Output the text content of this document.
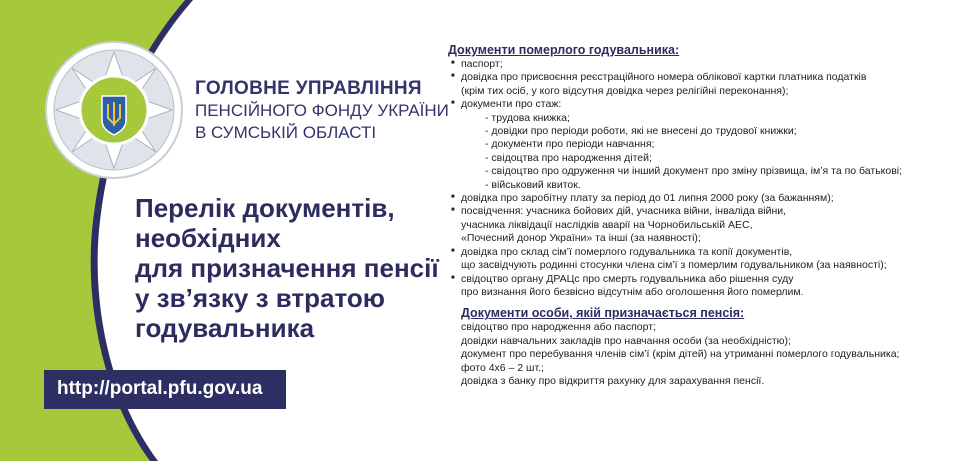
ГОЛОВНЕ УПРАВЛІННЯ
ПЕНСІЙНОГО ФОНДУ УКРАЇНИ
В СУМСЬКІЙ ОБЛАСТІ
Перелік документів,
необхідних
для призначення пенсії
у зв’язку з втратою
годувальника
http://portal.pfu.gov.ua
Документи померлого годувальника:
■ паспорт;
■ довідка про присвоєння реєстраційного номера облікової картки платника податків
(крім тих осіб, у кого відсутня довідка через релігійні переконання);
■ документи про стаж:
- трудова книжка;
- довідки про періоди роботи, які не внесені до трудової книжки;
- документи про періоди навчання;
- свідоцтва про народження дітей;
- свідоцтво про одруження чи інший документ про зміну прізвища, ім’я та по батькові;
- військовий квиток.
■ довідка про заробітну плату за період до 01 липня 2000 року (за бажанням);
■ посвідчення: учасника бойових дій, учасника війни, інваліда війни,
учасника ліквідації наслідків аварії на Чорнобильській АЕС,
«Почесний донор України» та інші (за наявності);
■ довідка про склад сім’ї померлого годувальника та копії документів,
що засвідчують родинні стосунки члена сім’ї з померлим годувальником (за наявності);
■ свідоцтво органу ДРАЦс про смерть годувальника або рішення суду
про визнання його безвісно відсутнім або оголошення його померлим.
Документи особи, якій призначається пенсія:
свідоцтво про народження або паспорт;
довідки навчальних закладів про навчання особи (за необхідністю);
документ про перебування членів сім’ї (крім дітей) на утриманні померлого годувальника;
фото 4х6 – 2 шт.;
довідка з банку про відкриття рахунку для зарахування пенсії.
